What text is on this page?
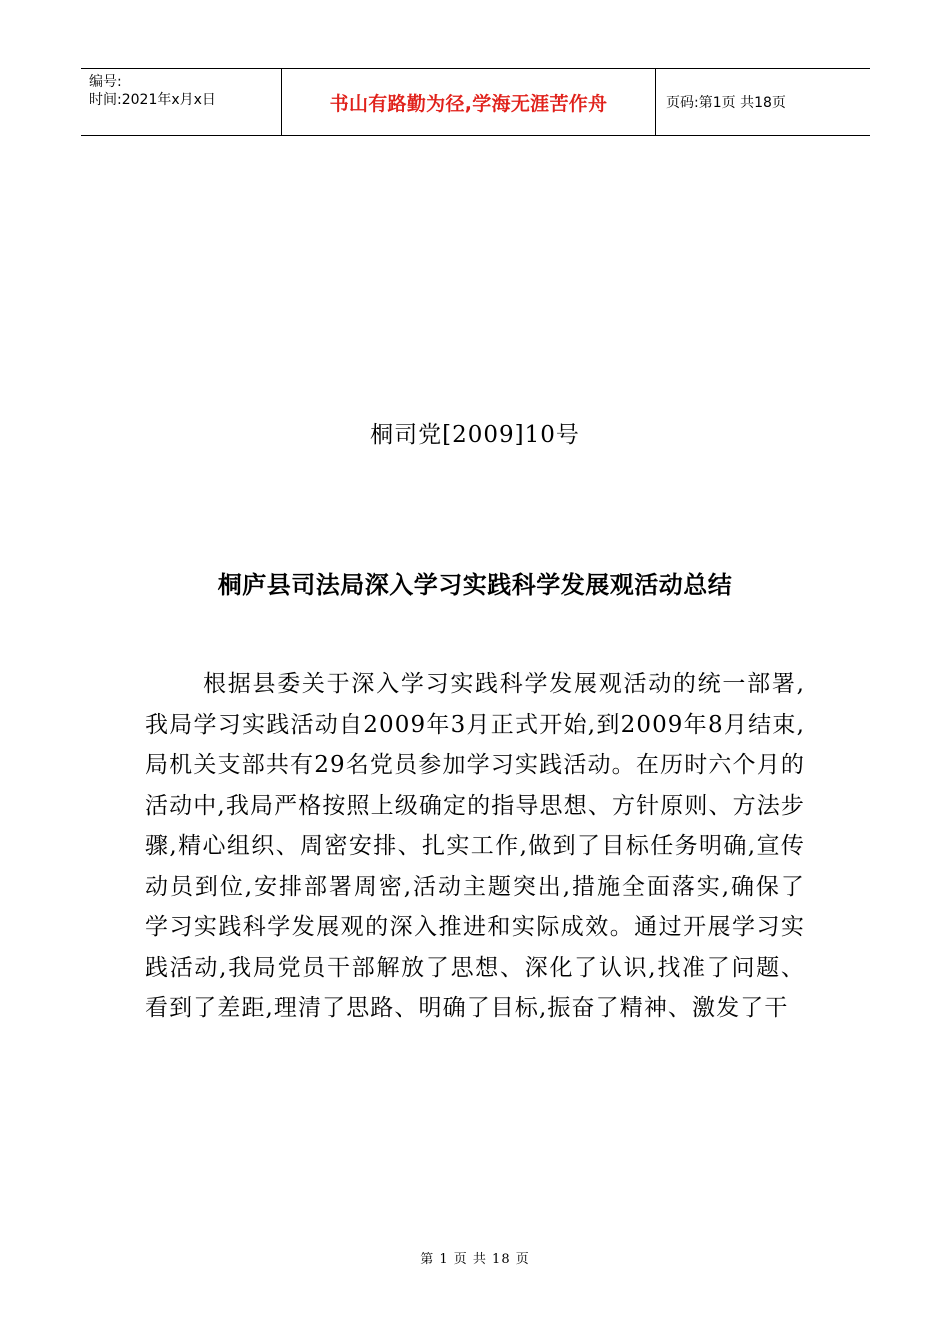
编号:
时间:2021年x月x日	书山有路勤为径,学海无涯苦作舟	页码:第1页 共18页
桐司党[2009]10号
桐庐县司法局深入学习实践科学发展观活动总结
根据县委关于深入学习实践科学发展观活动的统一部署,我局学习实践活动自2009年3月正式开始,到2009年8月结束,局机关支部共有29名党员参加学习实践活动。在历时六个月的活动中,我局严格按照上级确定的指导思想、方针原则、方法步骤,精心组织、周密安排、扎实工作,做到了目标任务明确,宣传动员到位,安排部署周密,活动主题突出,措施全面落实,确保了学习实践科学发展观的深入推进和实际成效。通过开展学习实践活动,我局党员干部解放了思想、深化了认识,找准了问题、看到了差距,理清了思路、明确了目标,振奋了精神、激发了干
第 1 页 共 18 页
